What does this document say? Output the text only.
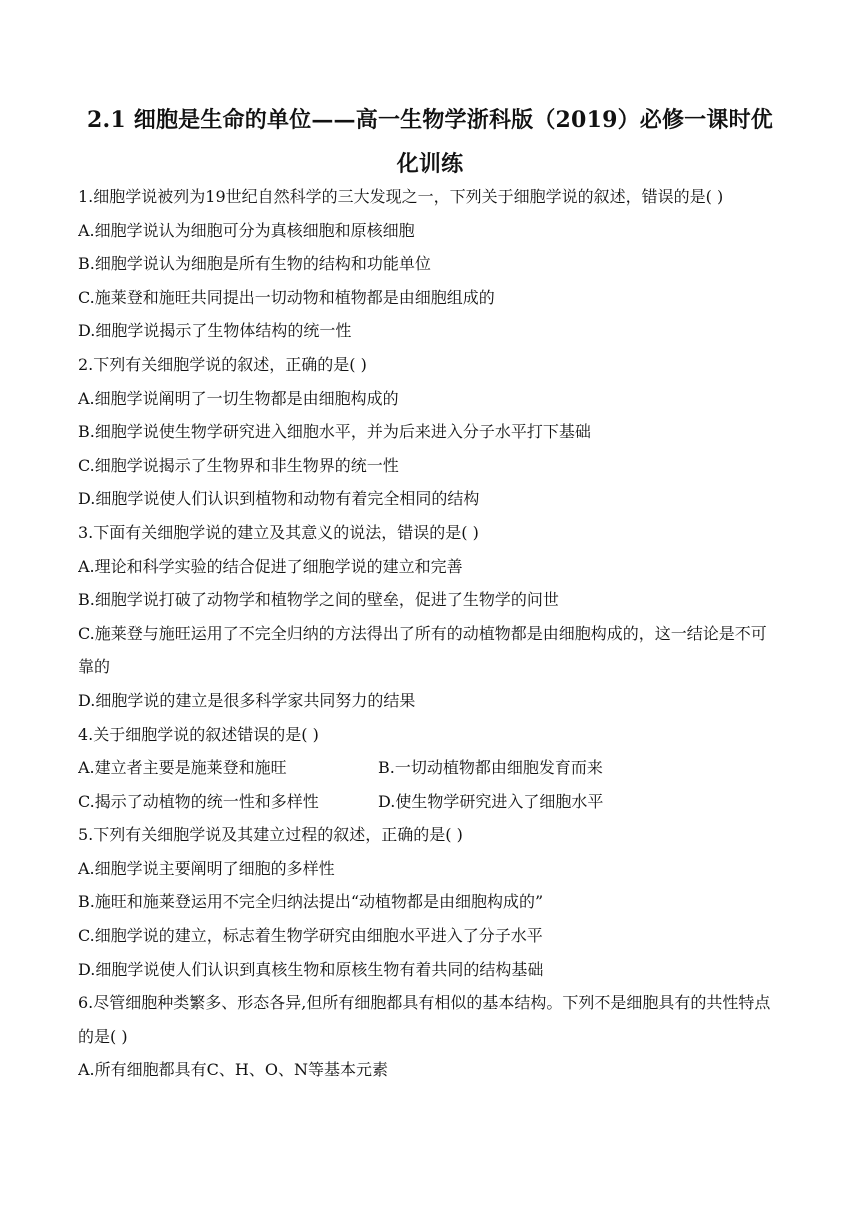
2.1 细胞是生命的单位——高一生物学浙科版（2019）必修一课时优化训练
1.细胞学说被列为19世纪自然科学的三大发现之一，下列关于细胞学说的叙述，错误的是( )
A.细胞学说认为细胞可分为真核细胞和原核细胞
B.细胞学说认为细胞是所有生物的结构和功能单位
C.施莱登和施旺共同提出一切动物和植物都是由细胞组成的
D.细胞学说揭示了生物体结构的统一性
2.下列有关细胞学说的叙述，正确的是( )
A.细胞学说阐明了一切生物都是由细胞构成的
B.细胞学说使生物学研究进入细胞水平，并为后来进入分子水平打下基础
C.细胞学说揭示了生物界和非生物界的统一性
D.细胞学说使人们认识到植物和动物有着完全相同的结构
3.下面有关细胞学说的建立及其意义的说法，错误的是( )
A.理论和科学实验的结合促进了细胞学说的建立和完善
B.细胞学说打破了动物学和植物学之间的壁垒，促进了生物学的问世
C.施莱登与施旺运用了不完全归纳的方法得出了所有的动植物都是由细胞构成的，这一结论是不可靠的
D.细胞学说的建立是很多科学家共同努力的结果
4.关于细胞学说的叙述错误的是( )
A.建立者主要是施莱登和施旺	B.一切动植物都由细胞发育而来
C.揭示了动植物的统一性和多样性	D.使生物学研究进入了细胞水平
5.下列有关细胞学说及其建立过程的叙述，正确的是( )
A.细胞学说主要阐明了细胞的多样性
B.施旺和施莱登运用不完全归纳法提出“动植物都是由细胞构成的”
C.细胞学说的建立，标志着生物学研究由细胞水平进入了分子水平
D.细胞学说使人们认识到真核生物和原核生物有着共同的结构基础
6.尽管细胞种类繁多、形态各异,但所有细胞都具有相似的基本结构。下列不是细胞具有的共性特点的是( )
A.所有细胞都具有C、H、O、N等基本元素
